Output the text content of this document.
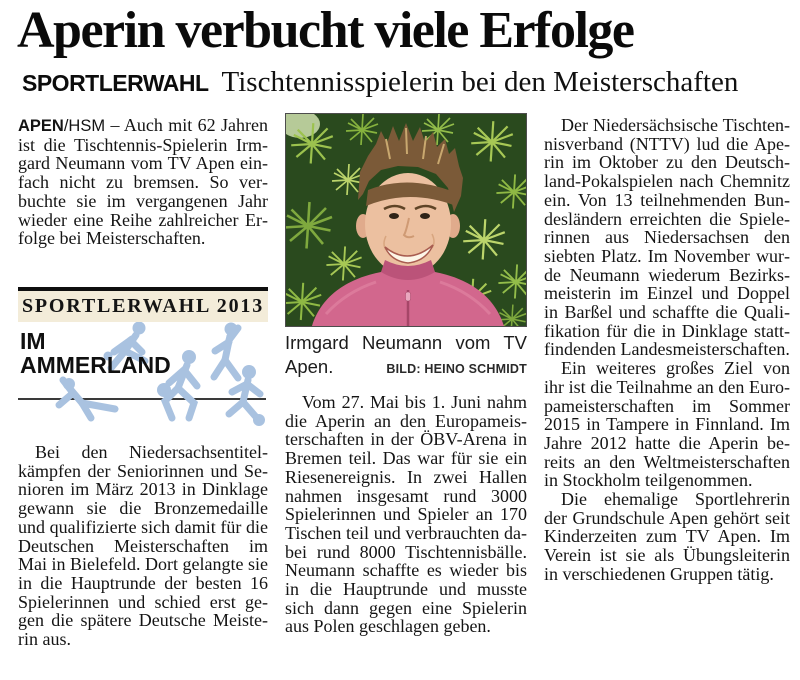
Aperin verbucht viele Erfolge
SPORTLERWAHL Tischtennisspielerin bei den Meisterschaften

APEN/HSM – Auch mit 62 Jahren ist die Tischtennis-Spielerin Irmgard Neumann vom TV Apen einfach nicht zu bremsen. So verbuchte sie im vergangenen Jahr wieder eine Reihe zahlreicher Erfolge bei Meisterschaften.

SPORTLERWAHL 2013
IM
AMMERLAND

Bei den Niedersachsentitelkämpfen der Seniorinnen und Senioren im März 2013 in Dinklage gewann sie die Bronzemedaille und qualifizierte sich damit für die Deutschen Meisterschaften im Mai in Bielefeld. Dort gelangte sie in die Hauptrunde der besten 16 Spielerinnen und schied erst gegen die spätere Deutsche Meisterin aus.

Irmgard Neumann vom TV
Apen.	BILD: HEINO SCHMIDT

Vom 27. Mai bis 1. Juni nahm die Aperin an den Europameisterschaften in der ÖBV-Arena in Bremen teil. Das war für sie ein Riesenereignis. In zwei Hallen nahmen insgesamt rund 3000 Spielerinnen und Spieler an 170 Tischen teil und verbrauchten dabei rund 8000 Tischtennisbälle. Neumann schaffte es wieder bis in die Hauptrunde und musste sich dann gegen eine Spielerin aus Polen geschlagen geben.

Der Niedersächsische Tischtennisverband (NTTV) lud die Aperin im Oktober zu den Deutschland-Pokalspielen nach Chemnitz ein. Von 13 teilnehmenden Bundesländern erreichten die Spielerinnen aus Niedersachsen den siebten Platz. Im November wurde Neumann wiederum Bezirksmeisterin im Einzel und Doppel in Barßel und schaffte die Qualifikation für die in Dinklage stattfindenden Landesmeisterschaften.

Ein weiteres großes Ziel von ihr ist die Teilnahme an den Europameisterschaften im Sommer 2015 in Tampere in Finnland. Im Jahre 2012 hatte die Aperin bereits an den Weltmeisterschaften in Stockholm teilgenommen.

Die ehemalige Sportlehrerin der Grundschule Apen gehört seit Kinderzeiten zum TV Apen. Im Verein ist sie als Übungsleiterin in verschiedenen Gruppen tätig.
